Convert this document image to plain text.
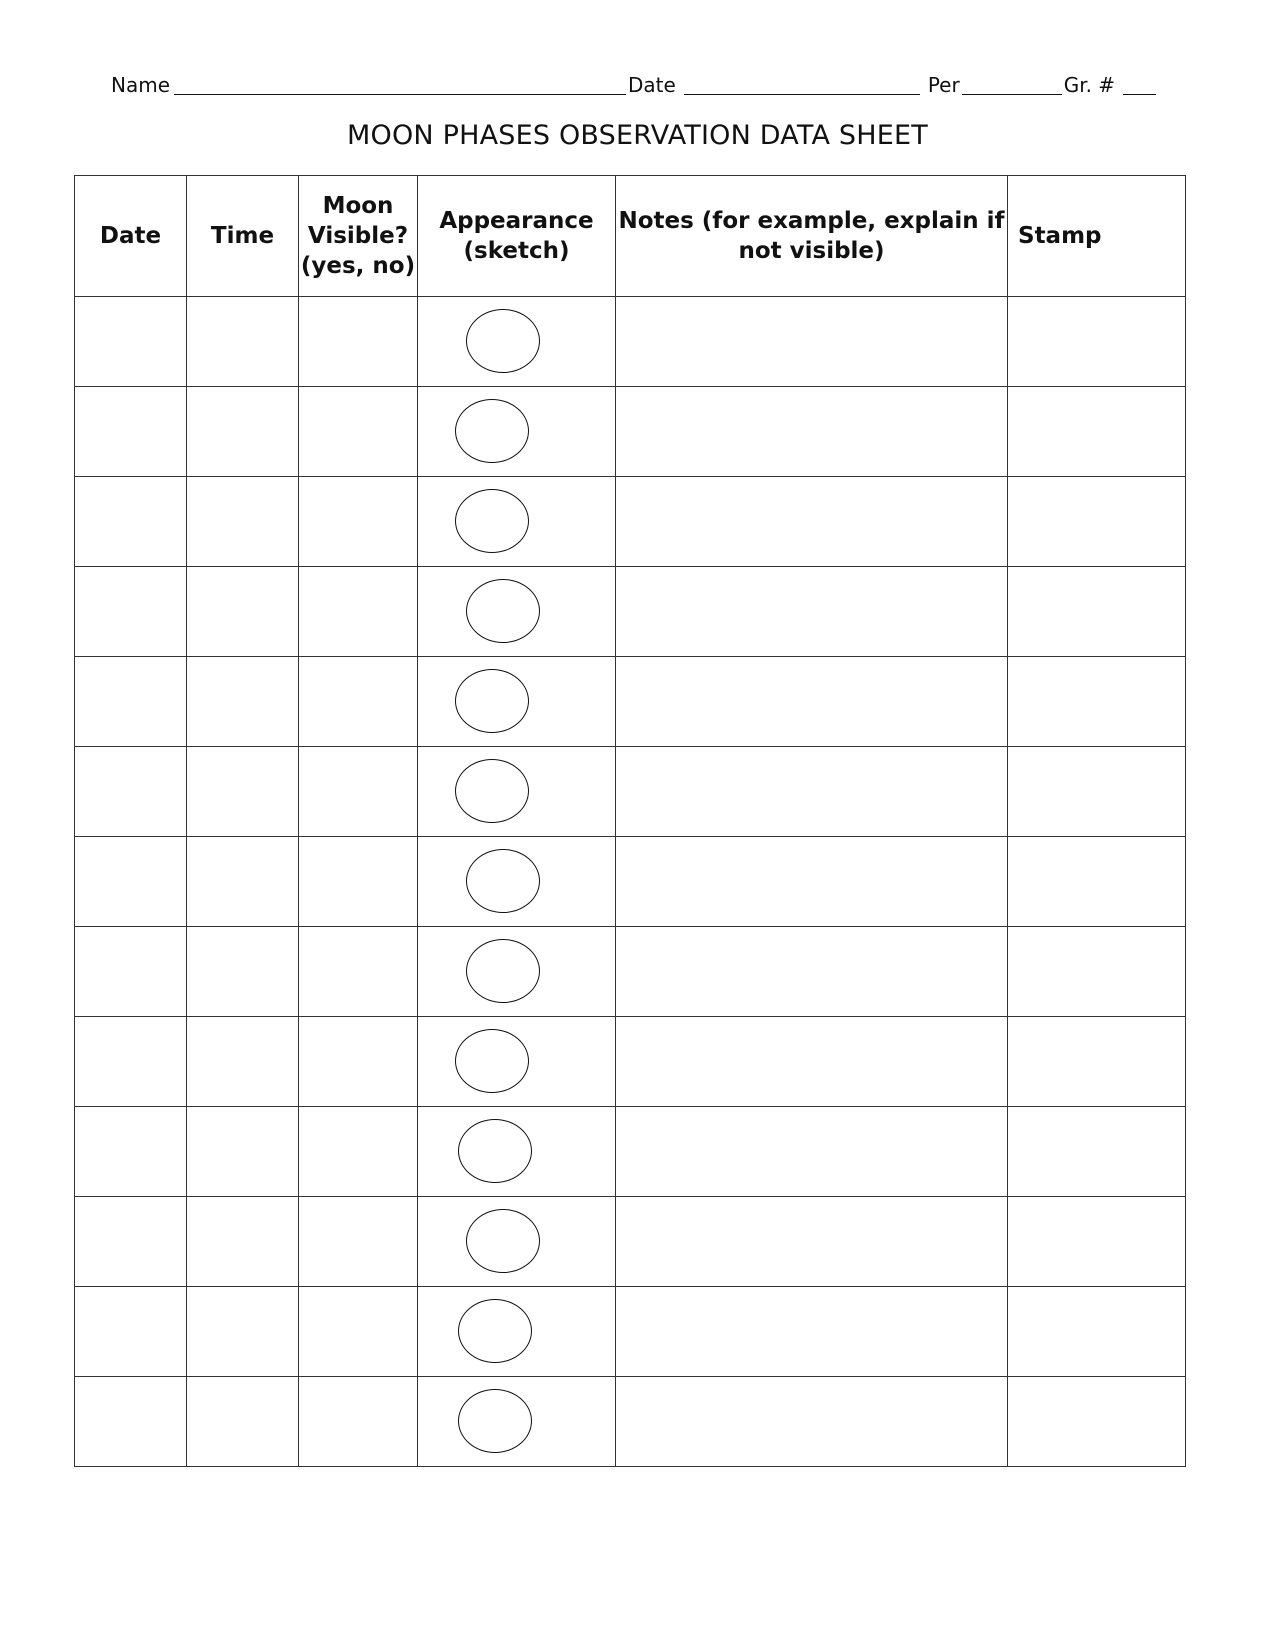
Name	Date	Per	Gr. #
MOON PHASES OBSERVATION DATA SHEET
Date	Time	Moon Visible? (yes, no)	Appearance (sketch)	Notes (for example, explain if not visible)	Stamp
